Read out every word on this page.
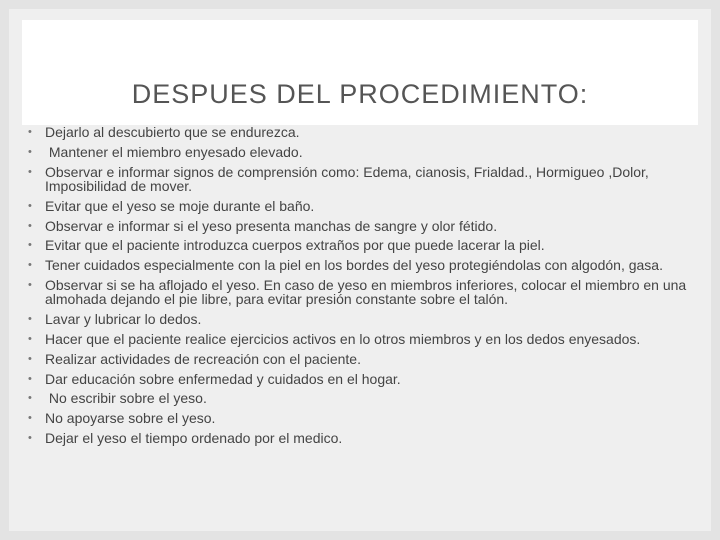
DESPUES DEL PROCEDIMIENTO:
• Dejarlo al descubierto que se endurezca.
• Mantener el miembro enyesado elevado.
• Observar e informar signos de comprensión como: Edema, cianosis, Frialdad., Hormigueo ,Dolor, Imposibilidad de mover.
• Evitar que el yeso se moje durante el baño.
• Observar e informar si el yeso presenta manchas de sangre y olor fétido.
• Evitar que el paciente introduzca cuerpos extraños por que puede lacerar la piel.
• Tener cuidados especialmente con la piel en los bordes del yeso protegiéndolas con algodón, gasa.
• Observar si se ha aflojado el yeso. En caso de yeso en miembros inferiores, colocar el miembro en una almohada dejando el pie libre, para evitar presión constante sobre el talón.
• Lavar y lubricar lo dedos.
• Hacer que el paciente realice ejercicios activos en lo otros miembros y en los dedos enyesados.
• Realizar actividades de recreación con el paciente.
• Dar educación sobre enfermedad y cuidados en el hogar.
• No escribir sobre el yeso.
• No apoyarse sobre el yeso.
• Dejar el yeso el tiempo ordenado por el medico.
